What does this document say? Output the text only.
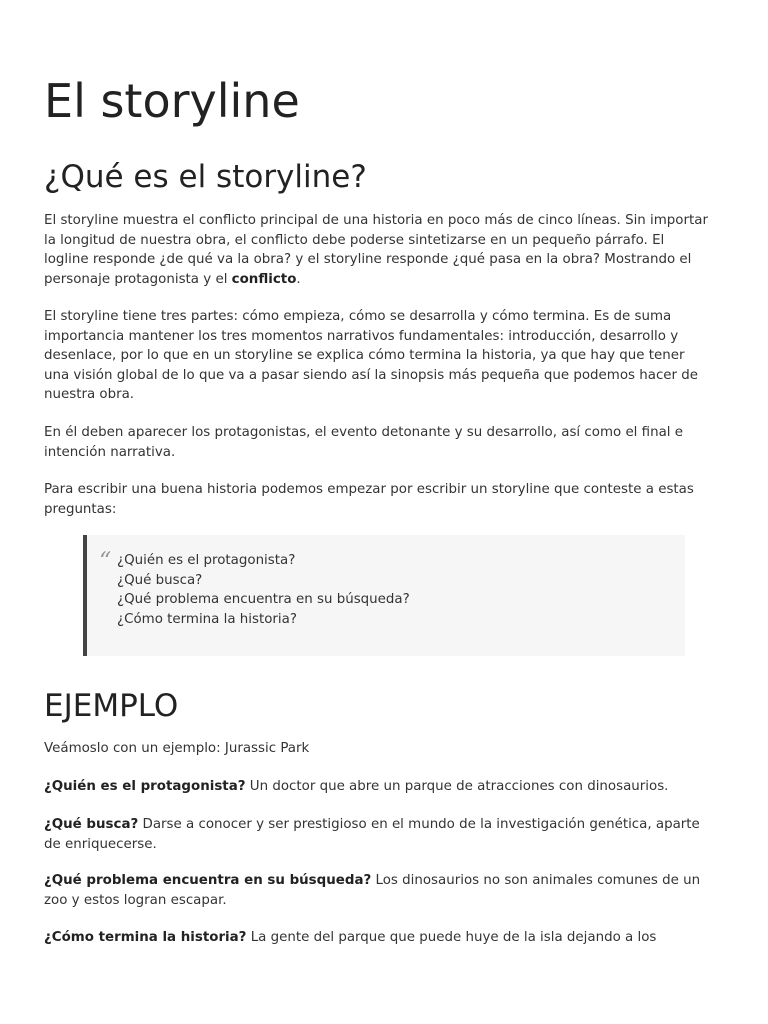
El storyline
¿Qué es el storyline?

El storyline muestra el conflicto principal de una historia en poco más de cinco líneas. Sin importar

la longitud de nuestra obra, el conflicto debe poderse sintetizarse en un pequeño párrafo. El

logline responde ¿de qué va la obra? y el storyline responde ¿qué pasa en la obra? Mostrando el

personaje protagonista y el conflicto.

El storyline tiene tres partes: cómo empieza, cómo se desarrolla y cómo termina. Es de suma

importancia mantener los tres momentos narrativos fundamentales: introducción, desarrollo y

desenlace, por lo que en un storyline se explica cómo termina la historia, ya que hay que tener

una visión global de lo que va a pasar siendo así la sinopsis más pequeña que podemos hacer de

nuestra obra.

En él deben aparecer los protagonistas, el evento detonante y su desarrollo, así como el final e

intención narrativa.

Para escribir una buena historia podemos empezar por escribir un storyline que conteste a estas

preguntas:

“ ¿Quién es el protagonista?
¿Qué busca?
¿Qué problema encuentra en su búsqueda?
¿Cómo termina la historia?
EJEMPLO

Veámoslo con un ejemplo: Jurassic Park

¿Quién es el protagonista? Un doctor que abre un parque de atracciones con dinosaurios.

¿Qué busca? Darse a conocer y ser prestigioso en el mundo de la investigación genética, aparte

de enriquecerse.

¿Qué problema encuentra en su búsqueda? Los dinosaurios no son animales comunes de un

zoo y estos logran escapar.

¿Cómo termina la historia? La gente del parque que puede huye de la isla dejando a los
